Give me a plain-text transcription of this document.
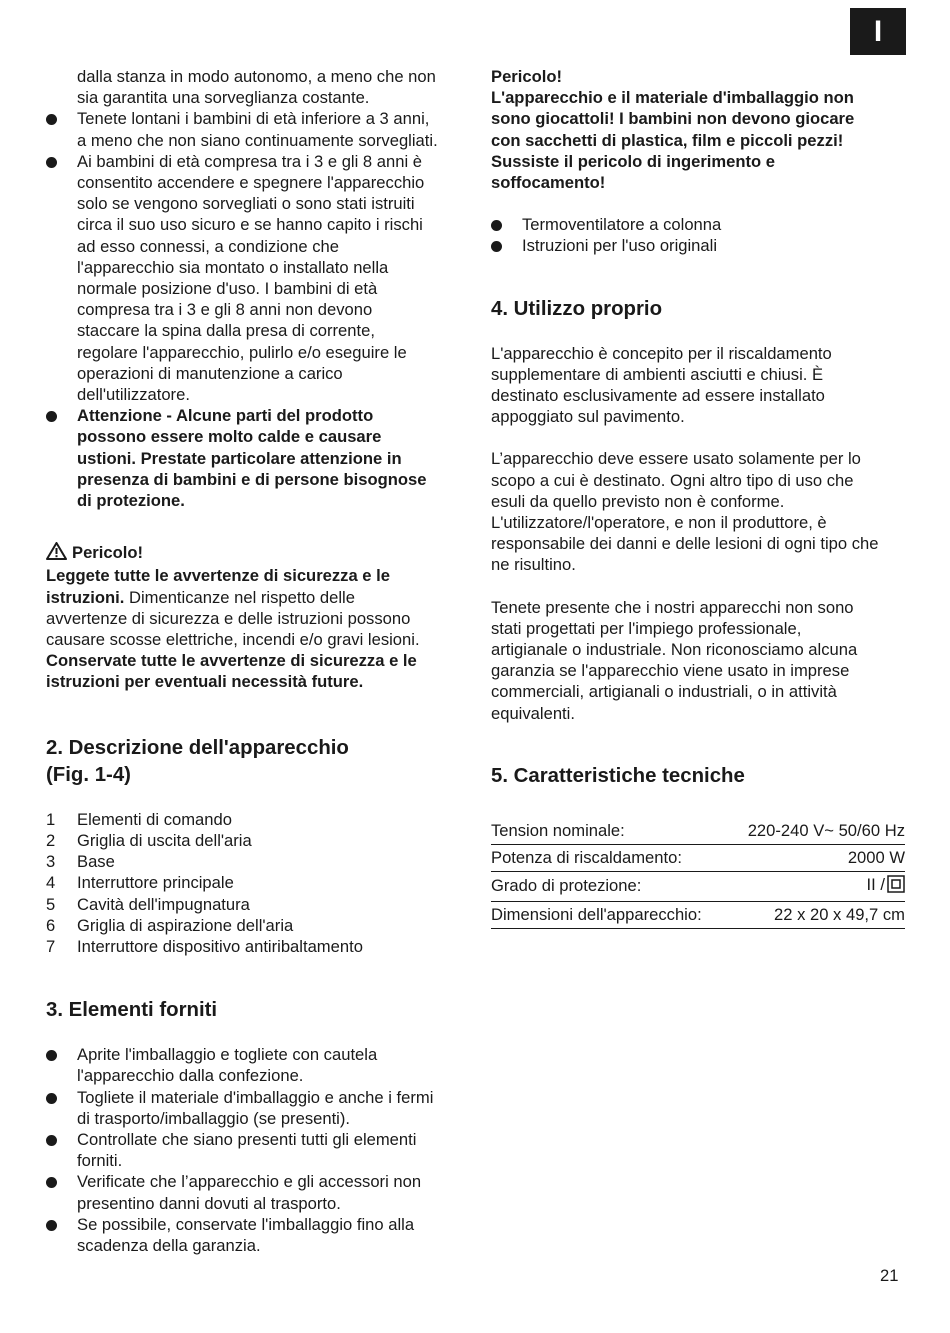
I

dalla stanza in modo autonomo, a meno che non

sia garantita una sorveglianza costante.

Tenete lontani i bambini di età inferiore a 3 anni,

a meno che non siano continuamente sorvegliati.

Ai bambini di età compresa tra i 3 e gli 8 anni è

consentito accendere e spegnere l'apparecchio

solo se vengono sorvegliati o sono stati istruiti

circa il suo uso sicuro e se hanno capito i rischi

ad esso connessi, a condizione che

l'apparecchio sia montato o installato nella

normale posizione d'uso. I bambini di età

compresa tra i 3 e gli 8 anni non devono

staccare la spina dalla presa di corrente,

regolare l'apparecchio, pulirlo e/o eseguire le

operazioni di manutenzione a carico

dell'utilizzatore.

Attenzione - Alcune parti del prodotto

possono essere molto calde e causare

ustioni. Prestate particolare attenzione in

presenza di bambini e di persone bisognose

di protezione.

Pericolo!

Leggete tutte le avvertenze di sicurezza e le

istruzioni. Dimenticanze nel rispetto delle

avvertenze di sicurezza e delle istruzioni possono

causare scosse elettriche, incendi e/o gravi lesioni.

Conservate tutte le avvertenze di sicurezza e le

istruzioni per eventuali necessità future.

2. Descrizione dell'apparecchio
(Fig. 1-4)
1 Elementi di comando
2 Griglia di uscita dell'aria
3 Base
4 Interruttore principale
5 Cavità dell'impugnatura
6 Griglia di aspirazione dell'aria
7 Interruttore dispositivo antiribaltamento
3. Elementi forniti

Aprite l'imballaggio e togliete con cautela

l'apparecchio dalla confezione.

Togliete il materiale d'imballaggio e anche i fermi

di trasporto/imballaggio (se presenti).

Controllate che siano presenti tutti gli elementi

forniti.

Verificate che l’apparecchio e gli accessori non

presentino danni dovuti al trasporto.

Se possibile, conservate l'imballaggio fino alla

scadenza della garanzia.

Pericolo!

L'apparecchio e il materiale d'imballaggio non

sono giocattoli! I bambini non devono giocare

con sacchetti di plastica, film e piccoli pezzi!

Sussiste il pericolo di ingerimento e

soffocamento!

Termoventilatore a colonna

Istruzioni per l'uso originali

4. Utilizzo proprio

L'apparecchio è concepito per il riscaldamento

supplementare di ambienti asciutti e chiusi. È

destinato esclusivamente ad essere installato

appoggiato sul pavimento.

L’apparecchio deve essere usato solamente per lo

scopo a cui è destinato. Ogni altro tipo di uso che

esuli da quello previsto non è conforme.

L'utilizzatore/l'operatore, e non il produttore, è

responsabile dei danni e delle lesioni di ogni tipo che

ne risultino.

Tenete presente che i nostri apparecchi non sono

stati progettati per l'impiego professionale,

artigianale o industriale. Non riconosciamo alcuna

garanzia se l'apparecchio viene usato in imprese

commerciali, artigianali o industriali, o in attività

equivalenti.

5. Caratteristiche tecniche
Tension nominale:	220-240 V~ 50/60 Hz
Potenza di riscaldamento:	2000 W
Grado di protezione:	II /
Dimensioni dell'apparecchio:	22 x 20 x 49,7 cm
21
